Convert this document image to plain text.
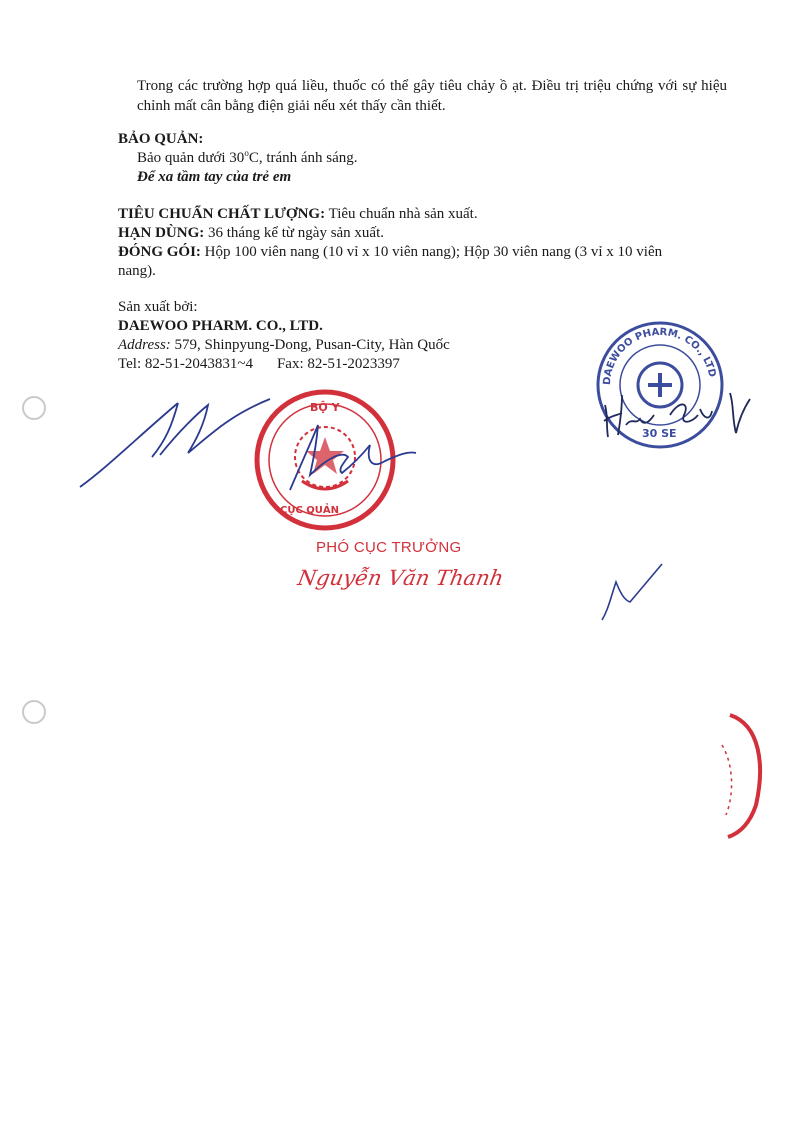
Trong các trường hợp quá liều, thuốc có thể gây tiêu chảy ồ ạt. Điều trị triệu chứng với sự hiệu chỉnh mất cân bằng điện giải nếu xét thấy cần thiết.
BẢO QUẢN:
Bảo quản dưới 30$^o$C, tránh ánh sáng.
Để xa tầm tay của trẻ em
TIÊU CHUẨN CHẤT LƯỢNG: Tiêu chuẩn nhà sản xuất.
HẠN DÙNG: 36 tháng kể từ ngày sản xuất.
ĐÓNG GÓI: Hộp 100 viên nang (10 vỉ x 10 viên nang); Hộp 30 viên nang (3 vỉ x 10 viên
nang).
Sản xuất bởi:
DAEWOO PHARM. CO., LTD.
Address: 579, Shinpyung-Dong, Pusan-City, Hàn Quốc
Tel: 82-51-2043831~4 Fax: 82-51-2023397
BỘ Y
CỤC QUẢN
PHÓ CỤC TRƯỞNG
Nguyễn Văn Thanh
DAEWOO PHARM. CO., LTD
30 SE
